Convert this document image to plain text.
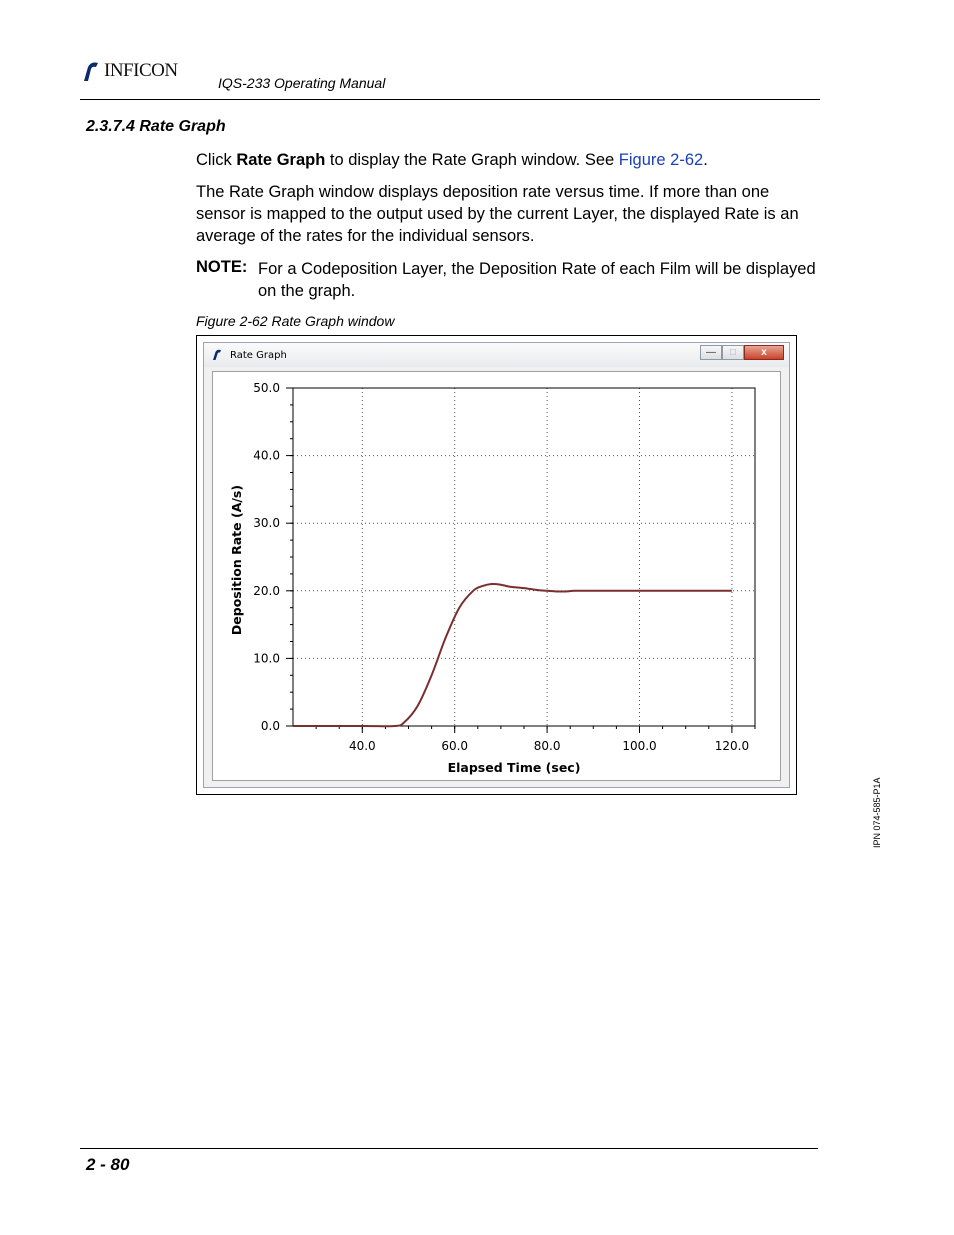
INFICON
IQS-233 Operating Manual
2.3.7.4 Rate Graph
Click Rate Graph to display the Rate Graph window. See Figure 2-62.
The Rate Graph window displays deposition rate versus time. If more than one sensor is mapped to the output used by the current Layer, the displayed Rate is an average of the rates for the individual sensors.
NOTE: For a Codeposition Layer, the Deposition Rate of each Film will be displayed on the graph.
Figure 2-62 Rate Graph window
Rate Graph	—	□	x
0.0
10.0
20.0
30.0
40.0
50.0
40.0	60.0	80.0	100.0	120.0
Elapsed Time (sec)
Deposition Rate (A/s)
2 - 80
IPN 074-585-P1A
